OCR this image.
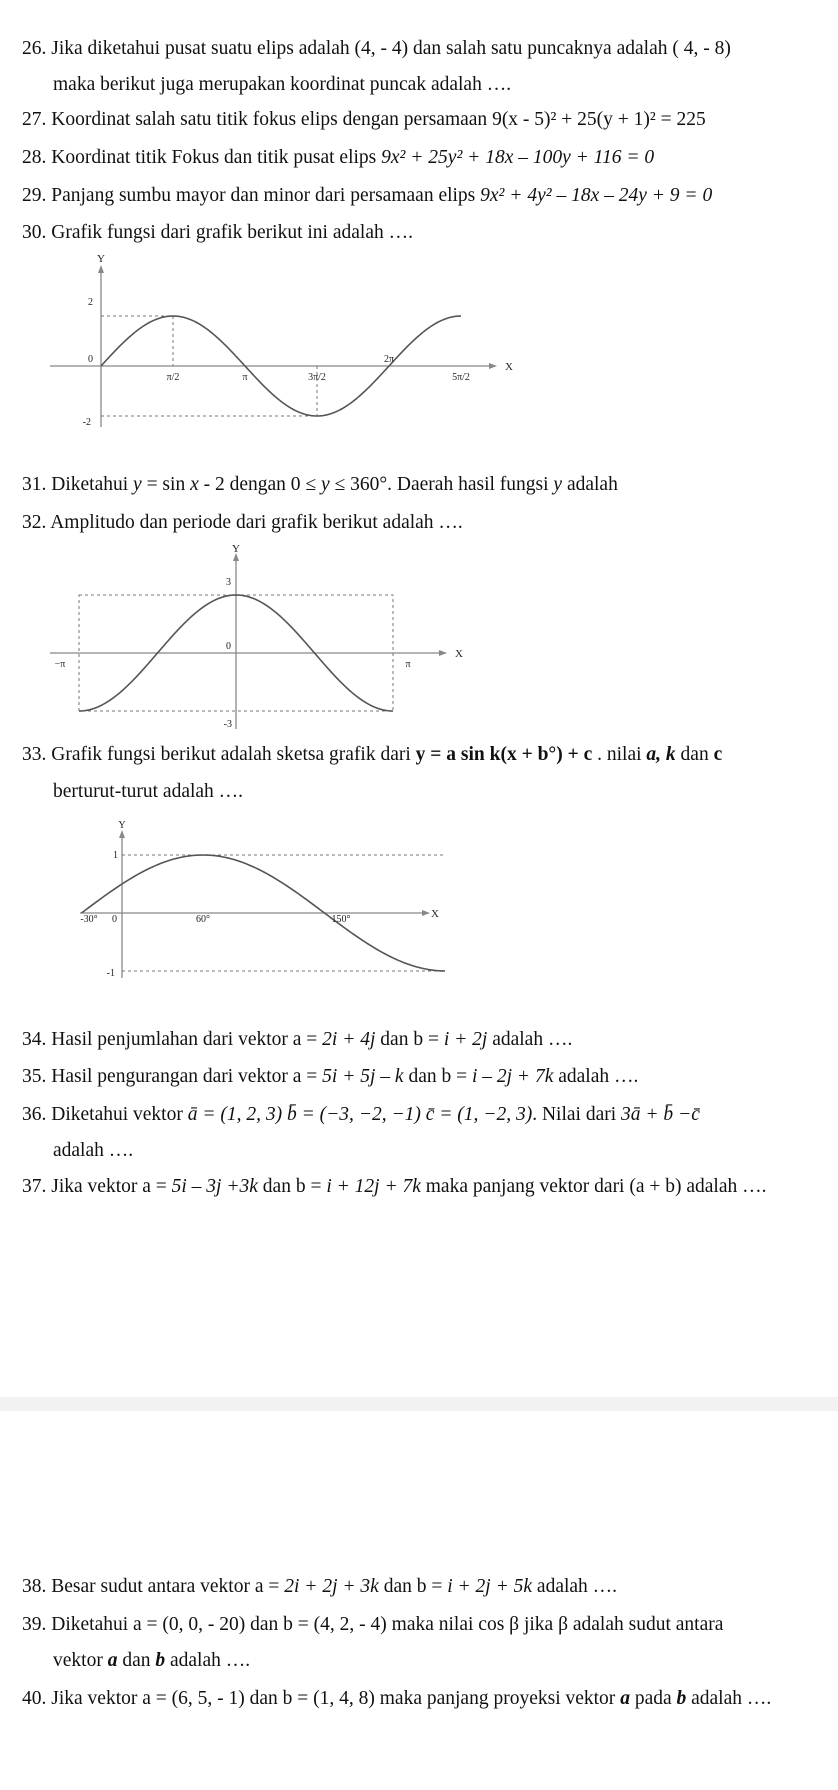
26. Jika diketahui pusat suatu elips adalah (4, - 4) dan salah satu puncaknya adalah ( 4, - 8)
maka berikut juga merupakan koordinat puncak adalah ….
27. Koordinat salah satu titik fokus elips dengan persamaan 9(x - 5)² + 25(y + 1)² = 225
28. Koordinat titik Fokus dan titik pusat elips 9x² + 25y² + 18x – 100y + 116 = 0
29. Panjang sumbu mayor dan minor dari persamaan elips 9x² + 4y² – 18x – 24y + 9 = 0
30. Grafik fungsi dari grafik berikut ini adalah ….
Y
X
2
0
-2
π/2	π	3π/2
2π
5π/2
31. Diketahui y = sin x - 2 dengan 0 ≤ y ≤ 360°. Daerah hasil fungsi y adalah
32. Amplitudo dan periode dari grafik berikut adalah ….
Y
X
3
0
-3
−π	π
33. Grafik fungsi berikut adalah sketsa grafik dari y = a sin k(x + b°) + c . nilai a, k dan c
berturut-turut adalah ….
Y
X
1
-1
-30° 0	60°	150°
34. Hasil penjumlahan dari vektor a = 2i + 4j dan b = i + 2j adalah ….
35. Hasil pengurangan dari vektor a = 5i + 5j – k dan b = i – 2j + 7k adalah ….
36. Diketahui vektor ā = (1, 2, 3) b̄ = (−3, −2, −1) c̄ = (1, −2, 3). Nilai dari 3ā + b̄ −c̄
adalah ….
37. Jika vektor a = 5i – 3j +3k dan b = i + 12j + 7k maka panjang vektor dari (a + b) adalah ….
38. Besar sudut antara vektor a = 2i + 2j + 3k dan b = i + 2j + 5k adalah ….
39. Diketahui a = (0, 0, - 20) dan b = (4, 2, - 4) maka nilai cos β jika β adalah sudut antara
vektor a dan b adalah ….
40. Jika vektor a = (6, 5, - 1) dan b = (1, 4, 8) maka panjang proyeksi vektor a pada b adalah ….
